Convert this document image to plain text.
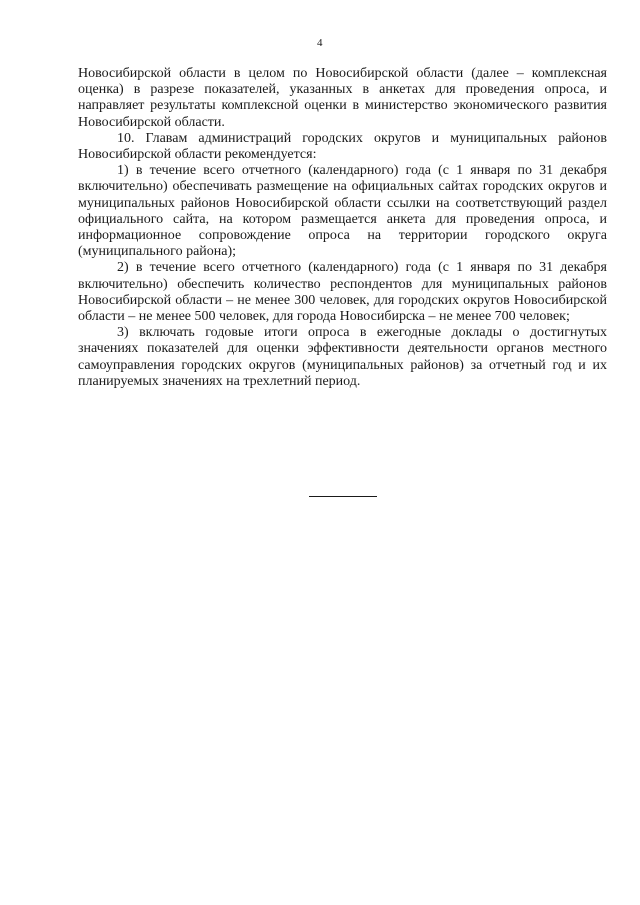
4

Новосибирской области в целом по Новосибирской области (далее – комплексная оценка) в разрезе показателей, указанных в анкетах для проведения опроса, и направляет результаты комплексной оценки в министерство экономического развития Новосибирской области.

10. Главам администраций городских округов и муниципальных районов Новосибирской области рекомендуется:

1) в течение всего отчетного (календарного) года (с 1 января по 31 декабря включительно) обеспечивать размещение на официальных сайтах городских округов и муниципальных районов Новосибирской области ссылки на соответствующий раздел официального сайта, на котором размещается анкета для проведения опроса, и информационное сопровождение опроса на территории городского округа (муниципального района);

2) в течение всего отчетного (календарного) года (с 1 января по 31 декабря включительно) обеспечить количество респондентов для муниципальных районов Новосибирской области – не менее 300 человек, для городских округов Новосибирской области – не менее 500 человек, для города Новосибирска – не менее 700 человек;

3) включать годовые итоги опроса в ежегодные доклады о достигнутых значениях показателей для оценки эффективности деятельности органов местного самоуправления городских округов (муниципальных районов) за отчетный год и их планируемых значениях на трехлетний период.
